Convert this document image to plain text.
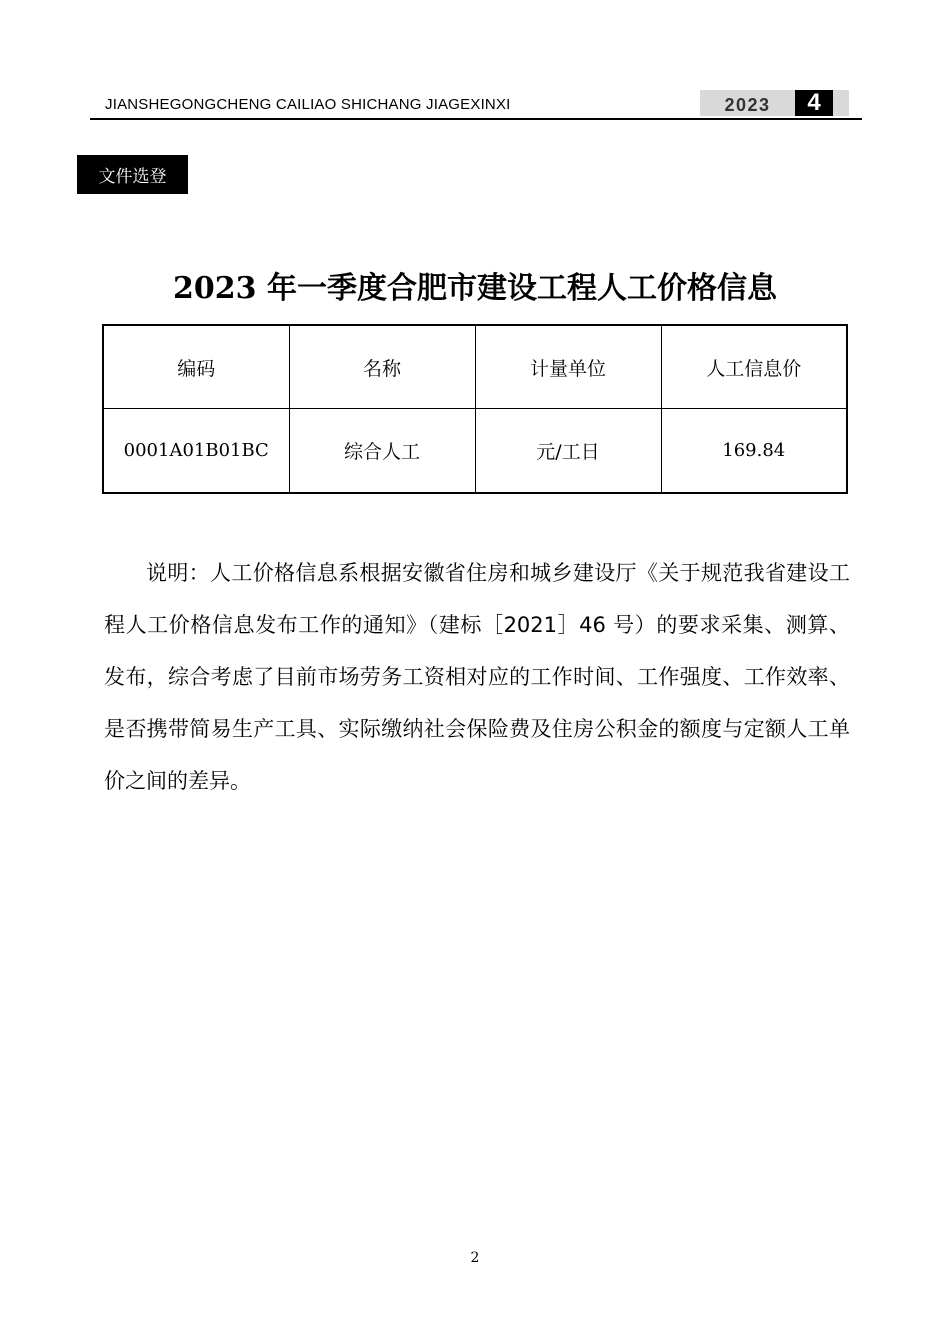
JIANSHEGONGCHENG CAILIAO SHICHANG JIAGEXINXI	2023	4
文件选登
2023 年一季度合肥市建设工程人工价格信息
编码	名称	计量单位	人工信息价
0001A01B01BC	综合人工	元/工日	169.84
说明：人工价格信息系根据安徽省住房和城乡建设厅《关于规范我省建设工程人工价格信息发布工作的通知》（建标［2021］46 号）的要求采集、测算、发布，综合考虑了目前市场劳务工资相对应的工作时间、工作强度、工作效率、是否携带简易生产工具、实际缴纳社会保险费及住房公积金的额度与定额人工单价之间的差异。
2
